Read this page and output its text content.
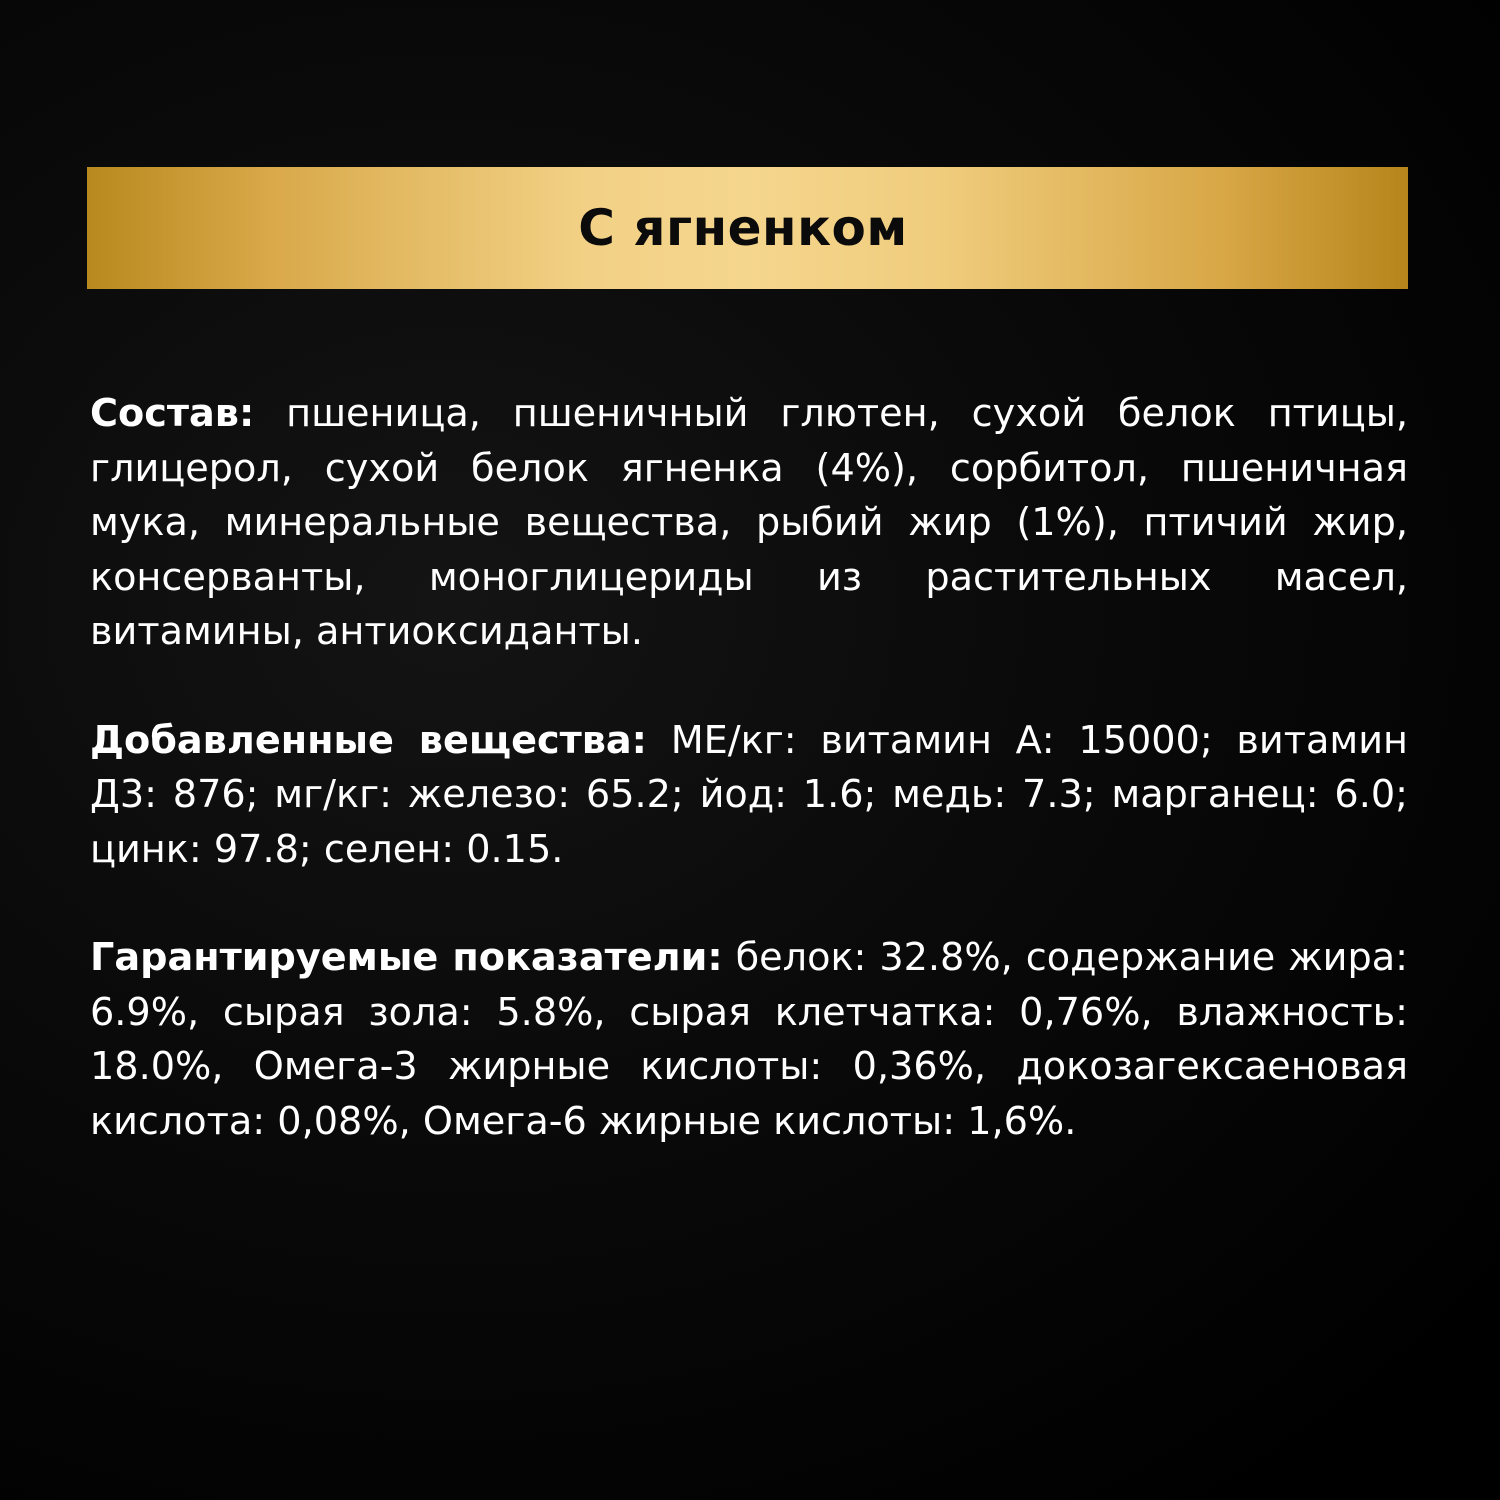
С ягненком

Состав: пшеница, пшеничный глютен, сухой белок птицы, глицерол, сухой белок ягненка (4%), сорбитол, пшеничная мука, минеральные вещества, рыбий жир (1%), птичий жир, консерванты, моноглицериды из растительных масел, витамины, антиоксиданты.

Добавленные вещества: МЕ/кг: витамин А: 15000; витамин Д3: 876; мг/кг: железо: 65.2; йод: 1.6; медь: 7.3; марганец: 6.0; цинк: 97.8; селен: 0.15.

Гарантируемые показатели: белок: 32.8%, содержание жира: 6.9%, сырая зола: 5.8%, сырая клетчатка: 0,76%, влажность: 18.0%, Омега-3 жирные кислоты: 0,36%, докозагексаеновая кислота: 0,08%, Омега-6 жирные кислоты: 1,6%.
